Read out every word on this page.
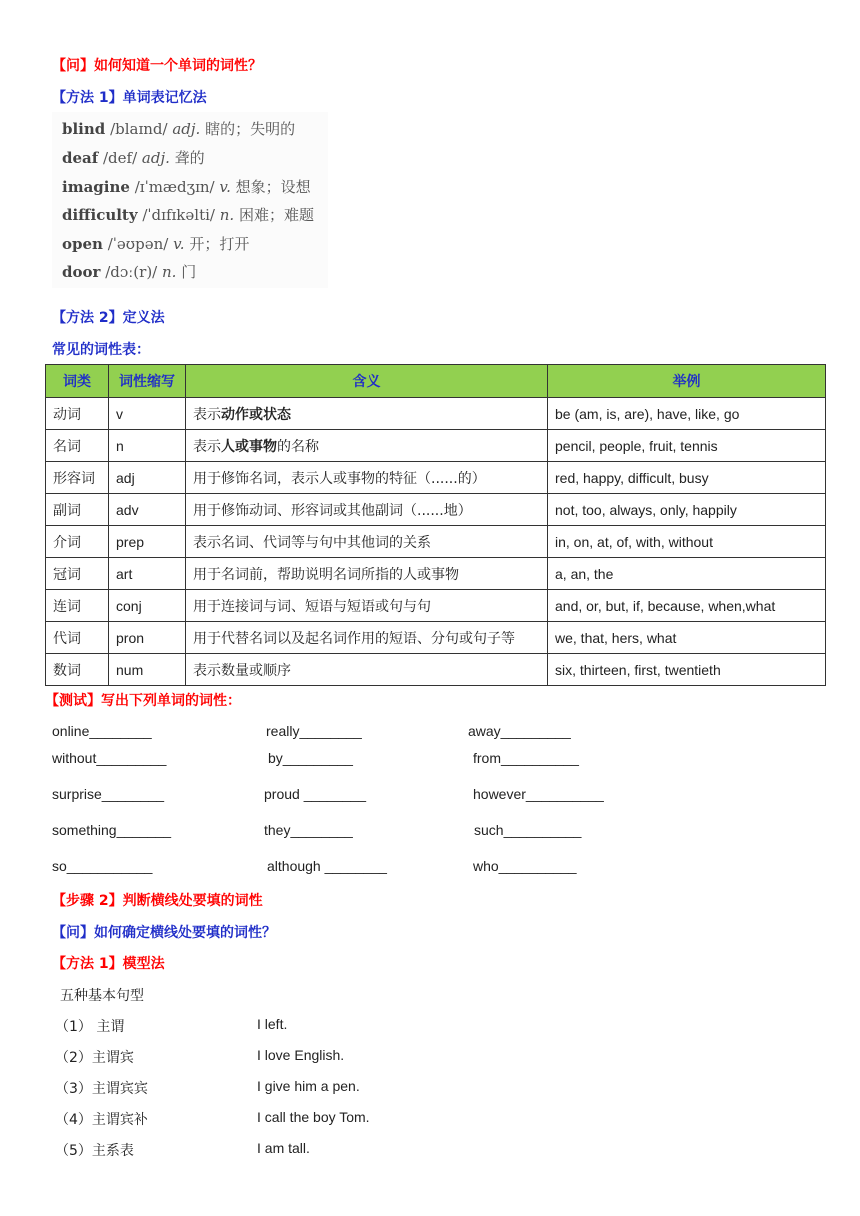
【问】如何知道一个单词的词性？
【方法 1】单词表记忆法
blind /blaɪnd/ adj. 瞎的；失明的
deaf /def/ adj. 聋的
imagine /ɪˈmædʒɪn/ v. 想象；设想
difficulty /ˈdɪfɪkəlti/ n. 困难；难题
open /ˈəʊpən/ v. 开；打开
door /dɔː(r)/ n. 门
【方法 2】定义法
常见的词性表：
词类	词性缩写	含义	举例
动词	v	表示动作或状态	be (am, is, are), have, like, go
名词	n	表示人或事物的名称	pencil, people, fruit, tennis
形容词	adj	用于修饰名词，表示人或事物的特征（......的）	red, happy, difficult, busy
副词	adv	用于修饰动词、形容词或其他副词（......地）	not, too, always, only, happily
介词	prep	表示名词、代词等与句中其他词的关系	in, on, at, of, with, without
冠词	art	用于名词前，帮助说明名词所指的人或事物	a, an, the
连词	conj	用于连接词与词、短语与短语或句与句	and, or, but, if, because, when,what
代词	pron	用于代替名词以及起名词作用的短语、分句或句子等	we, that, hers, what
数词	num	表示数量或顺序	six, thirteen, first, twentieth
【测试】写出下列单词的词性：
online________	really________	away_________
without_________	by_________	from__________
surprise________	proud ________	however__________
something_______	they________	such__________
so___________	although ________	who__________
【步骤 2】判断横线处要填的词性
【问】如何确定横线处要填的词性？
【方法 1】模型法
五种基本句型
（1） 主谓	I left.
（2）主谓宾	I love English.
（3）主谓宾宾	I give him a pen.
（4）主谓宾补	I call the boy Tom.
（5）主系表	I am tall.
